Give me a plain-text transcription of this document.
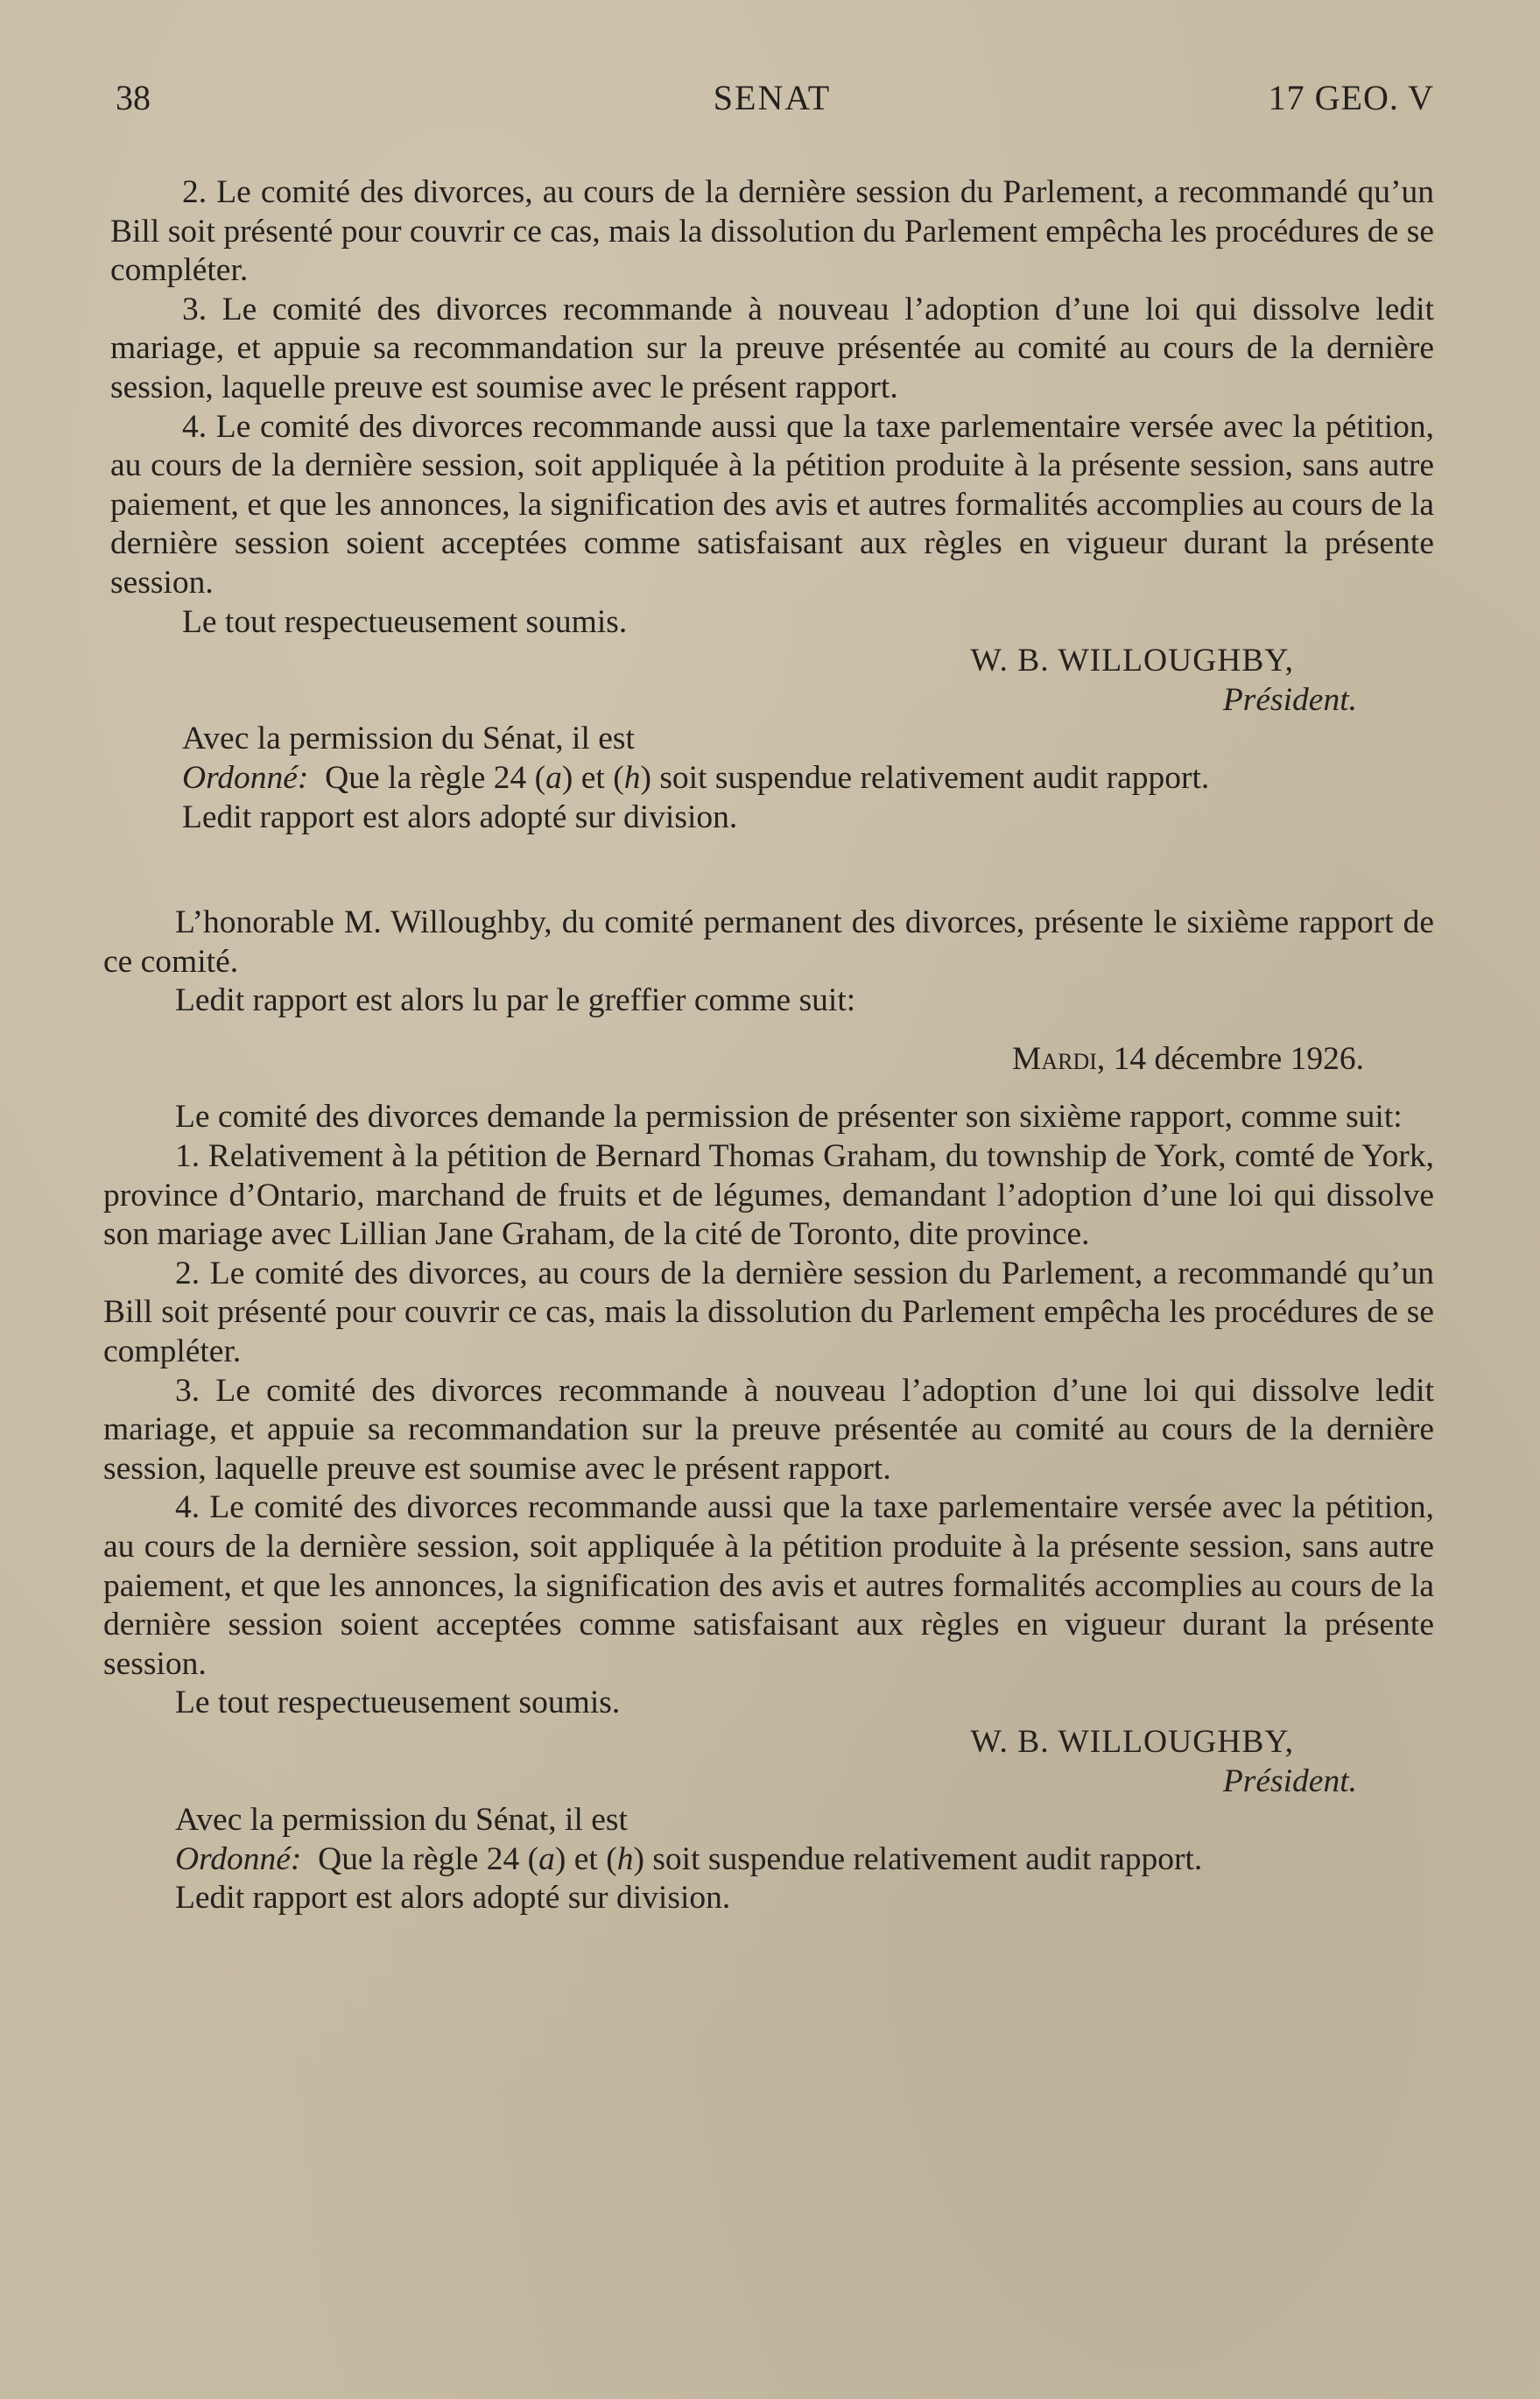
38	SENAT	17 GEO. V

2. Le comité des divorces, au cours de la dernière session du Parlement, a recommandé qu’un Bill soit présenté pour couvrir ce cas, mais la dissolution du Parlement empêcha les procédures de se compléter.

3. Le comité des divorces recommande à nouveau l’adoption d’une loi qui dissolve ledit mariage, et appuie sa recommandation sur la preuve présentée au comité au cours de la dernière session, laquelle preuve est soumise avec le présent rapport.

4. Le comité des divorces recommande aussi que la taxe parlementaire versée avec la pétition, au cours de la dernière session, soit appliquée à la pétition produite à la présente session, sans autre paiement, et que les annonces, la signification des avis et autres formalités accomplies au cours de la dernière session soient acceptées comme satisfaisant aux règles en vigueur durant la présente session.

Le tout respectueusement soumis.

W. B. WILLOUGHBY,

Président.

Avec la permission du Sénat, il est

Ordonné: Que la règle 24 (a) et (h) soit suspendue relativement audit rapport.

Ledit rapport est alors adopté sur division.

L’honorable M. Willoughby, du comité permanent des divorces, présente le sixième rapport de ce comité.

Ledit rapport est alors lu par le greffier comme suit:

Mardi, 14 décembre 1926.

Le comité des divorces demande la permission de présenter son sixième rapport, comme suit:

1. Relativement à la pétition de Bernard Thomas Graham, du township de York, comté de York, province d’Ontario, marchand de fruits et de légumes, demandant l’adoption d’une loi qui dissolve son mariage avec Lillian Jane Graham, de la cité de Toronto, dite province.

2. Le comité des divorces, au cours de la dernière session du Parlement, a recommandé qu’un Bill soit présenté pour couvrir ce cas, mais la dissolution du Parlement empêcha les procédures de se compléter.

3. Le comité des divorces recommande à nouveau l’adoption d’une loi qui dissolve ledit mariage, et appuie sa recommandation sur la preuve présentée au comité au cours de la dernière session, laquelle preuve est soumise avec le présent rapport.

4. Le comité des divorces recommande aussi que la taxe parlementaire versée avec la pétition, au cours de la dernière session, soit appliquée à la pétition produite à la présente session, sans autre paiement, et que les annonces, la signification des avis et autres formalités accomplies au cours de la dernière session soient acceptées comme satisfaisant aux règles en vigueur durant la présente session.

Le tout respectueusement soumis.

W. B. WILLOUGHBY,

Président.

Avec la permission du Sénat, il est

Ordonné: Que la règle 24 (a) et (h) soit suspendue relativement audit rapport.

Ledit rapport est alors adopté sur division.
